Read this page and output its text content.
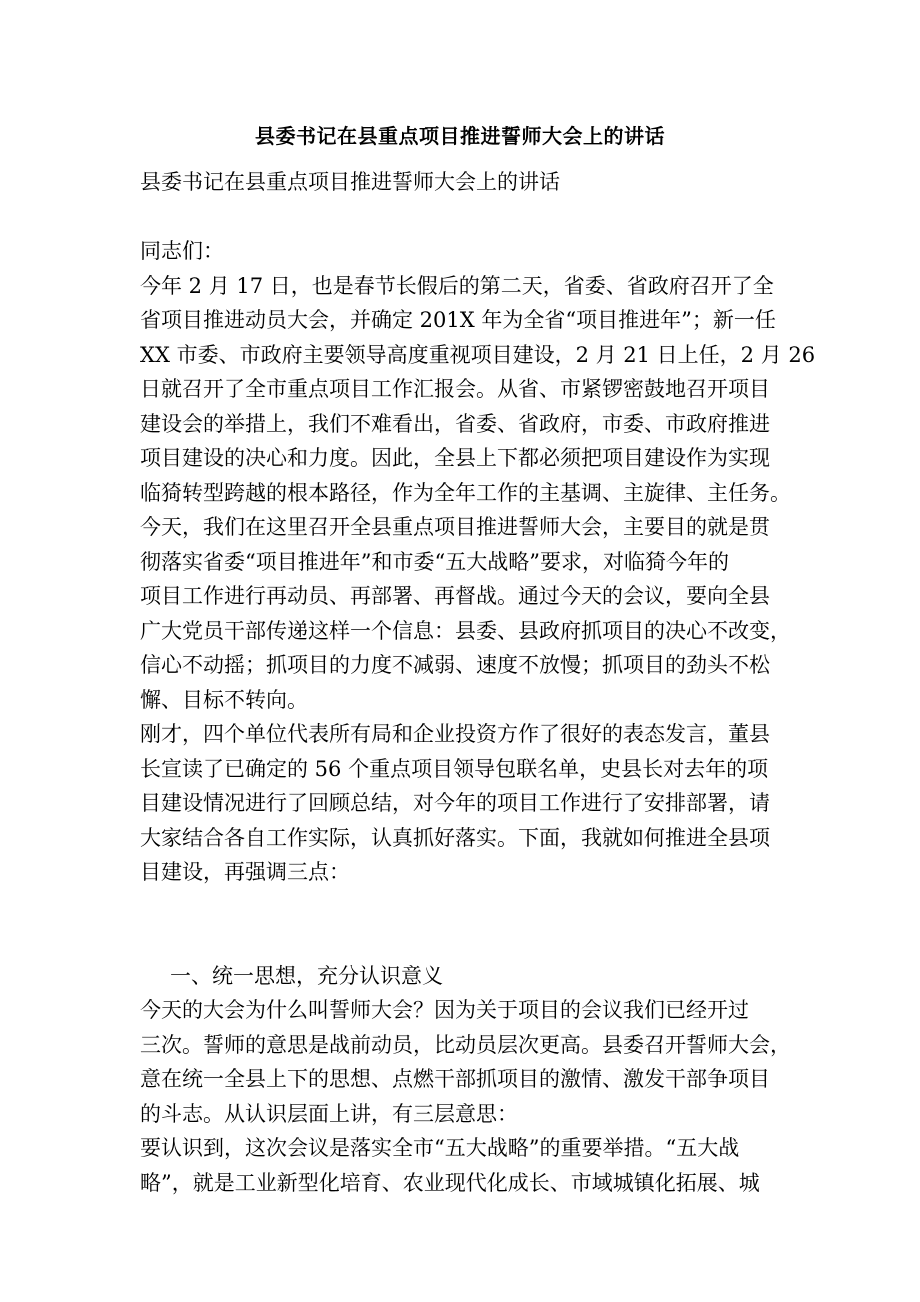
县委书记在县重点项目推进誓师大会上的讲话

县委书记在县重点项目推进誓师大会上的讲话

同志们：

今年 2 月 17 日，也是春节长假后的第二天，省委、省政府召开了全

省项目推进动员大会，并确定 201X 年为全省“项目推进年”；新一任

XX 市委、市政府主要领导高度重视项目建设，2 月 21 日上任，2 月 26

日就召开了全市重点项目工作汇报会。从省、市紧锣密鼓地召开项目

建设会的举措上，我们不难看出，省委、省政府，市委、市政府推进

项目建设的决心和力度。因此，全县上下都必须把项目建设作为实现

临猗转型跨越的根本路径，作为全年工作的主基调、主旋律、主任务。

今天，我们在这里召开全县重点项目推进誓师大会，主要目的就是贯

彻落实省委“项目推进年”和市委“五大战略”要求，对临猗今年的

项目工作进行再动员、再部署、再督战。通过今天的会议，要向全县

广大党员干部传递这样一个信息：县委、县政府抓项目的决心不改变，

信心不动摇；抓项目的力度不减弱、速度不放慢；抓项目的劲头不松

懈、目标不转向。

刚才，四个单位代表所有局和企业投资方作了很好的表态发言，董县

长宣读了已确定的 56 个重点项目领导包联名单，史县长对去年的项

目建设情况进行了回顾总结，对今年的项目工作进行了安排部署，请

大家结合各自工作实际，认真抓好落实。下面，我就如何推进全县项

目建设，再强调三点：

一、统一思想，充分认识意义

今天的大会为什么叫誓师大会？因为关于项目的会议我们已经开过

三次。誓师的意思是战前动员，比动员层次更高。县委召开誓师大会，

意在统一全县上下的思想、点燃干部抓项目的激情、激发干部争项目

的斗志。从认识层面上讲，有三层意思：

要认识到，这次会议是落实全市“五大战略”的重要举措。“五大战

略”，就是工业新型化培育、农业现代化成长、市域城镇化拓展、城
